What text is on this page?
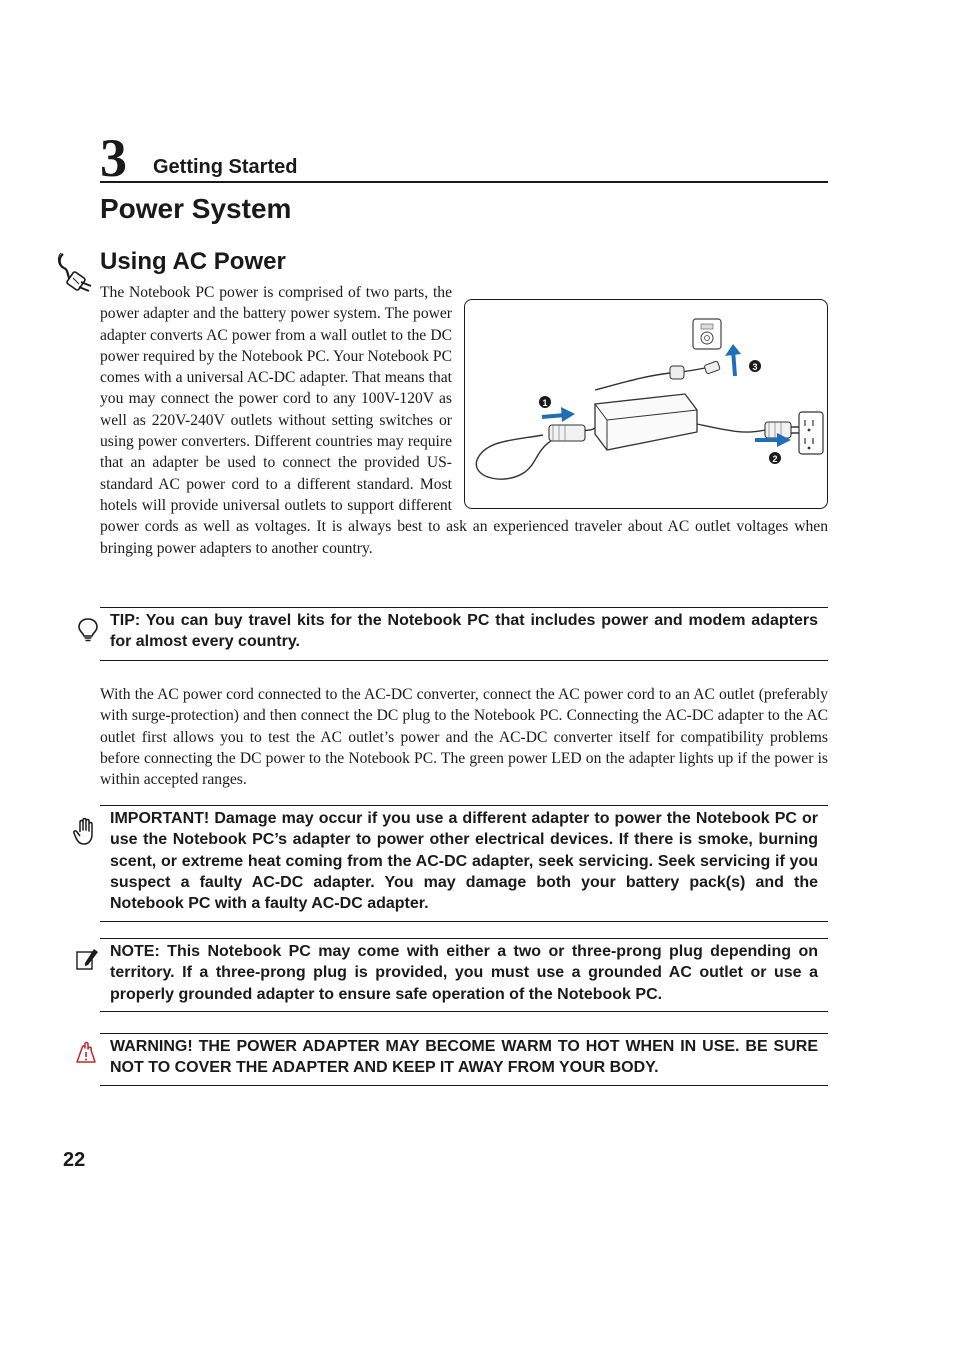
3 Getting Started
Power System
Using AC Power
1
2
3
The Notebook PC power is comprised of two parts, the power adapter and the battery power system. The power adapter converts AC power from a wall outlet to the DC power required by the Notebook PC. Your Notebook PC comes with a universal AC-DC adapter. That means that you may connect the power cord to any 100V-120V as well as 220V-240V outlets without setting switches or using power converters. Different countries may require that an adapter be used to connect the provided US-standard AC power cord to a different standard. Most hotels will provide universal outlets to support different power cords as well as voltages. It is always best to ask an experienced traveler about AC outlet voltages when bringing power adapters to another country.
TIP: You can buy travel kits for the Notebook PC that includes power and modem adapters for almost every country.
With the AC power cord connected to the AC-DC converter, connect the AC power cord to an AC outlet (preferably with surge-protection) and then connect the DC plug to the Notebook PC. Connecting the AC-DC adapter to the AC outlet first allows you to test the AC outlet’s power and the AC-DC converter itself for compatibility problems before connecting the DC power to the Notebook PC. The green power LED on the adapter lights up if the power is within accepted ranges.
IMPORTANT! Damage may occur if you use a different adapter to power the Notebook PC or use the Notebook PC’s adapter to power other electrical devices. If there is smoke, burning scent, or extreme heat coming from the AC-DC adapter, seek servicing. Seek servicing if you suspect a faulty AC-DC adapter. You may damage both your battery pack(s) and the Notebook PC with a faulty AC-DC adapter.
NOTE: This Notebook PC may come with either a two or three-prong plug depending on territory. If a three-prong plug is provided, you must use a grounded AC outlet or use a properly grounded adapter to ensure safe operation of the Notebook PC.
WARNING! THE POWER ADAPTER MAY BECOME WARM TO HOT WHEN IN USE. BE SURE NOT TO COVER THE ADAPTER AND KEEP IT AWAY FROM YOUR BODY.
22
